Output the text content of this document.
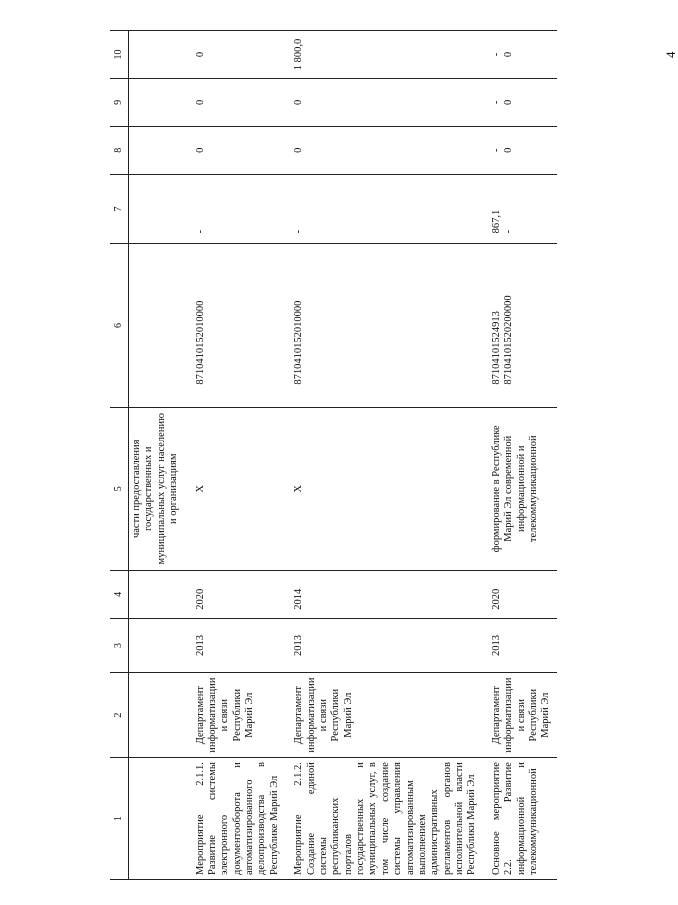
4
1	2	3	4	5	6	7	8	9	10
				части предоставления государственных и муниципальных услуг населению и организациям					
Мероприятие 2.1.1. Развитие системы электронного документооборота и автоматизированного делопроизводства в Республике Марий Эл	Департамент информатизации и связи Республики Марий Эл	2013	2020	X	8710410152010000	-	0	0	0

Мероприятие 2.1.2. Создание единой системы республиканских порталов государственных и муниципальных услуг, в том числе создание системы управления автоматизированным выполнением административных регламентов органов исполнительной власти Республики Марий Эл	Департамент информатизации и связи Республики Марий Эл	2013	2014	X	8710410152010000	-	0	0	1 800,0

Основное мероприятие 2.2. Развитие информационной и телекоммуникационной	Департамент информатизации и связи Республики Марий Эл	2013	2020	формирование в Республике Марий Эл современной информационной и телекоммуникационной	87104101524913 87104101520200000	867,1 -	- 0	- 0	- 0
